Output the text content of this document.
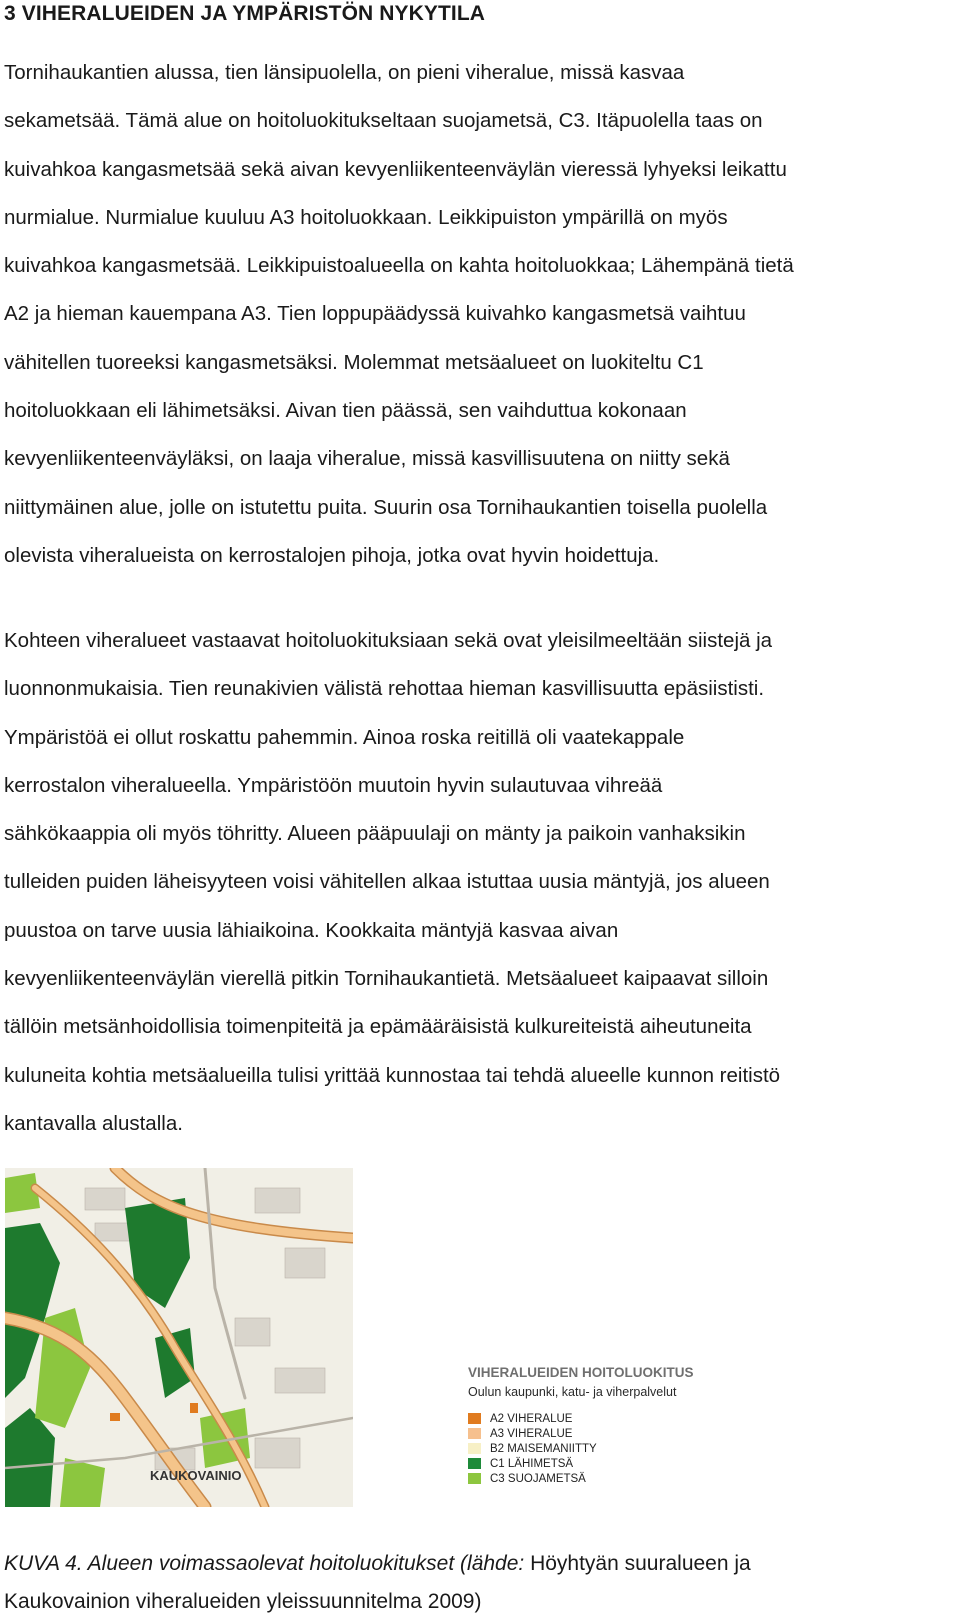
3 VIHERALUEIDEN JA YMPÄRISTÖN NYKYTILA

Tornihaukantien alussa, tien länsipuolella, on pieni viheralue, missä kasvaa
sekametsää. Tämä alue on hoitoluokitukseltaan suojametsä, C3. Itäpuolella taas on
kuivahkoa kangasmetsää sekä aivan kevyenliikenteenväylän vieressä lyhyeksi leikattu
nurmialue. Nurmialue kuuluu A3 hoitoluokkaan. Leikkipuiston ympärillä on myös
kuivahkoa kangasmetsää. Leikkipuistoalueella on kahta hoitoluokkaa; Lähempänä tietä
A2 ja hieman kauempana A3. Tien loppupäädyssä kuivahko kangasmetsä vaihtuu
vähitellen tuoreeksi kangasmetsäksi. Molemmat metsäalueet on luokiteltu C1
hoitoluokkaan eli lähimetsäksi. Aivan tien päässä, sen vaihduttua kokonaan
kevyenliikenteenväyläksi, on laaja viheralue, missä kasvillisuutena on niitty sekä
niittymäinen alue, jolle on istutettu puita. Suurin osa Tornihaukantien toisella puolella
olevista viheralueista on kerrostalojen pihoja, jotka ovat hyvin hoidettuja.

Kohteen viheralueet vastaavat hoitoluokituksiaan sekä ovat yleisilmeeltään siistejä ja
luonnonmukaisia. Tien reunakivien välistä rehottaa hieman kasvillisuutta epäsiististi.
Ympäristöä ei ollut roskattu pahemmin. Ainoa roska reitillä oli vaatekappale
kerrostalon viheralueella. Ympäristöön muutoin hyvin sulautuvaa vihreää
sähkökaappia oli myös töhritty. Alueen pääpuulaji on mänty ja paikoin vanhaksikin
tulleiden puiden läheisyyteen voisi vähitellen alkaa istuttaa uusia mäntyjä, jos alueen
puustoa on tarve uusia lähiaikoina. Kookkaita mäntyjä kasvaa aivan
kevyenliikenteenväylän vierellä pitkin Tornihaukantietä. Metsäalueet kaipaavat silloin
tällöin metsänhoidollisia toimenpiteitä ja epämääräisistä kulkureiteistä aiheutuneita
kuluneita kohtia metsäalueilla tulisi yrittää kunnostaa tai tehdä alueelle kunnon reitistö
kantavalla alustalla.

KAUKOVAINIO
VIHERALUEIDEN HOITOLUOKITUS
Oulun kaupunki, katu- ja viherpalvelut
A2 VIHERALUE
A3 VIHERALUE
B2 MAISEMANIITTY
C1 LÄHIMETSÄ
C3 SUOJAMETSÄ
KUVA 4. Alueen voimassaolevat hoitoluokitukset (lähde: Höyhtyän suuralueen ja
Kaukovainion viheralueiden yleissuunnitelma 2009)
